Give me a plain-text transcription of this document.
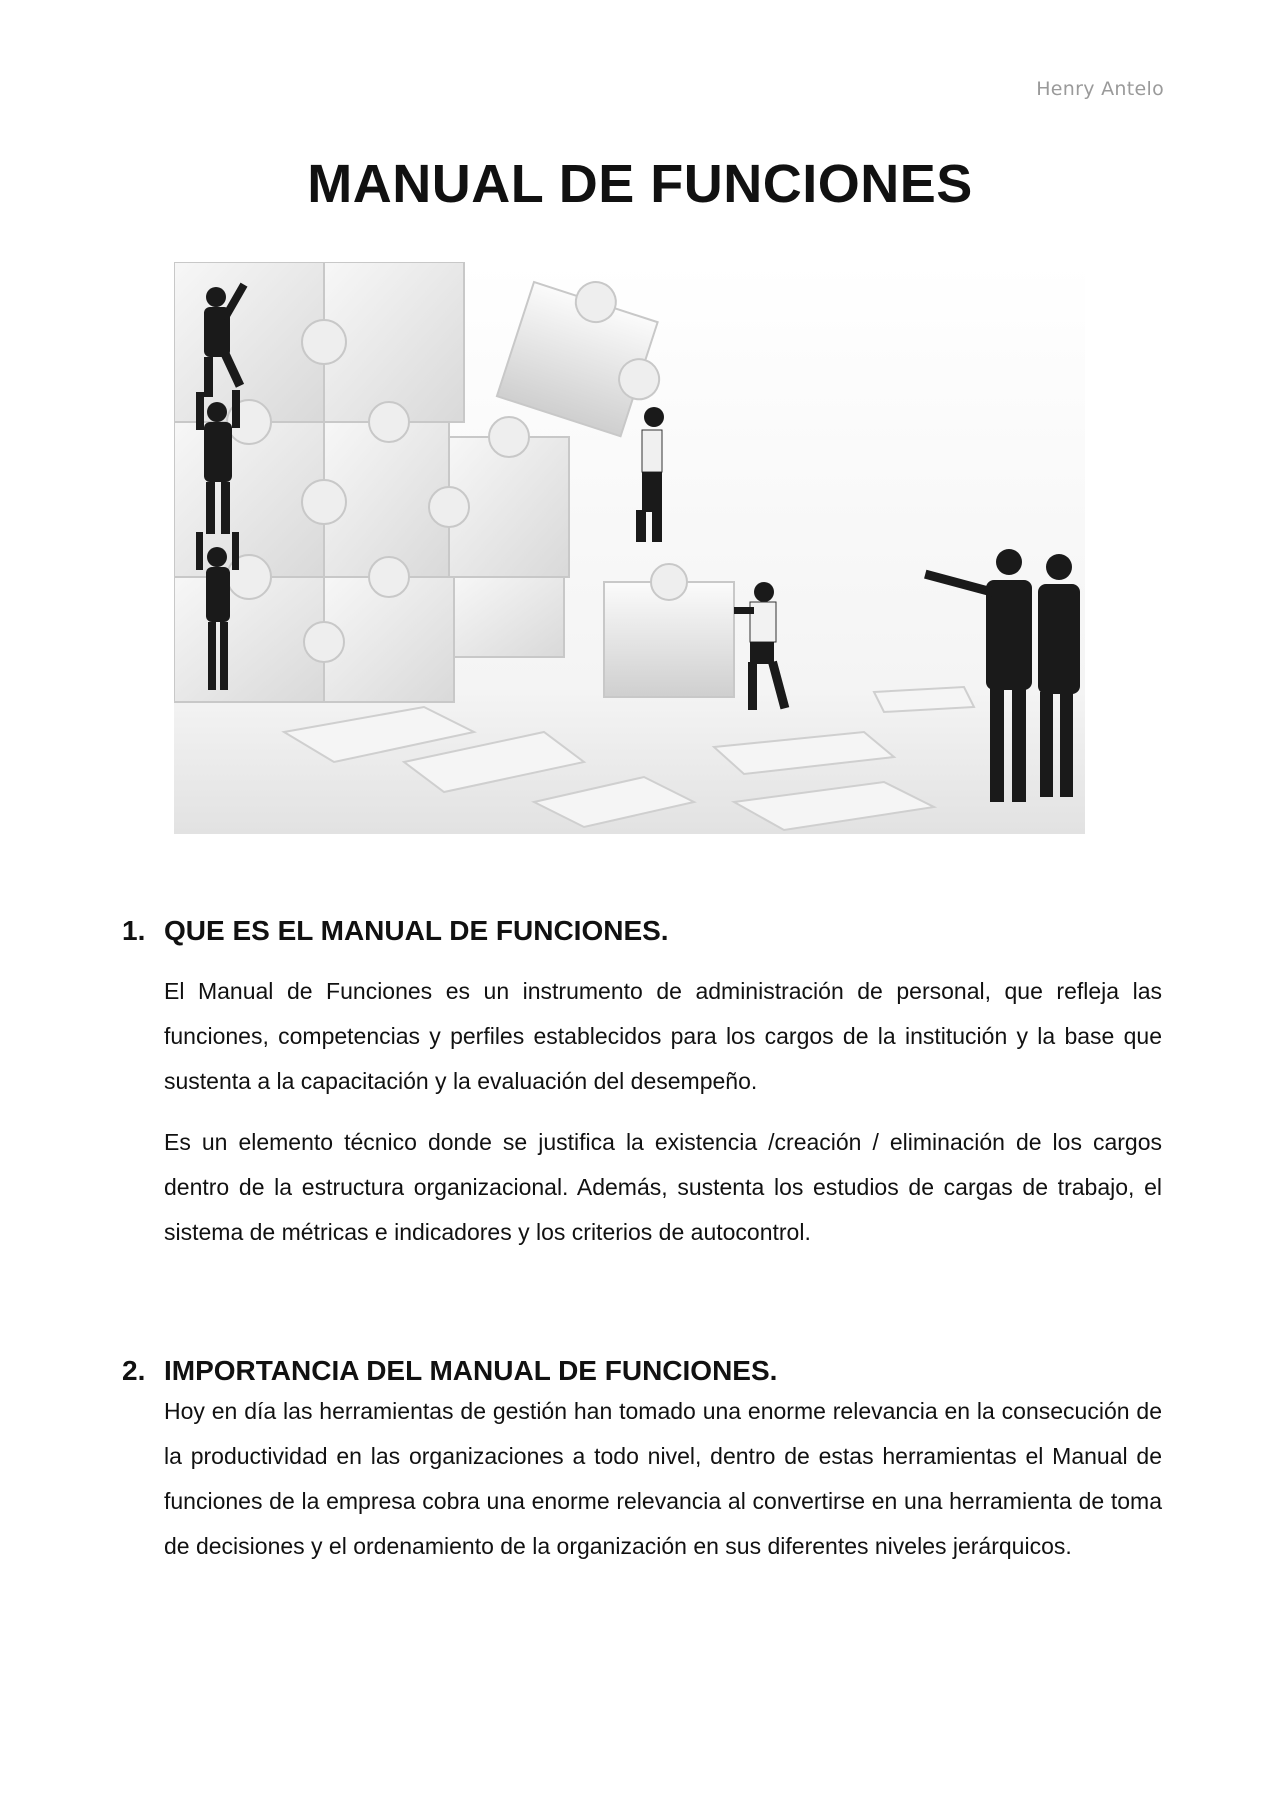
Henry Antelo
MANUAL DE FUNCIONES
1. QUE ES EL MANUAL DE FUNCIONES.

El Manual de Funciones es un instrumento de administración de personal, que refleja las funciones, competencias y perfiles establecidos para los cargos de la institución y la base que sustenta a la capacitación y la evaluación del desempeño.

Es un elemento técnico donde se justifica la existencia /creación / eliminación de los cargos dentro de la estructura organizacional. Además, sustenta los estudios de cargas de trabajo, el sistema de métricas e indicadores y los criterios de autocontrol.

2. IMPORTANCIA DEL MANUAL DE FUNCIONES.

Hoy en día las herramientas de gestión han tomado una enorme relevancia en la consecución de la productividad en las organizaciones a todo nivel, dentro de estas herramientas el Manual de funciones de la empresa cobra una enorme relevancia al convertirse en una herramienta de toma de decisiones y el ordenamiento de la organización en sus diferentes niveles jerárquicos.
